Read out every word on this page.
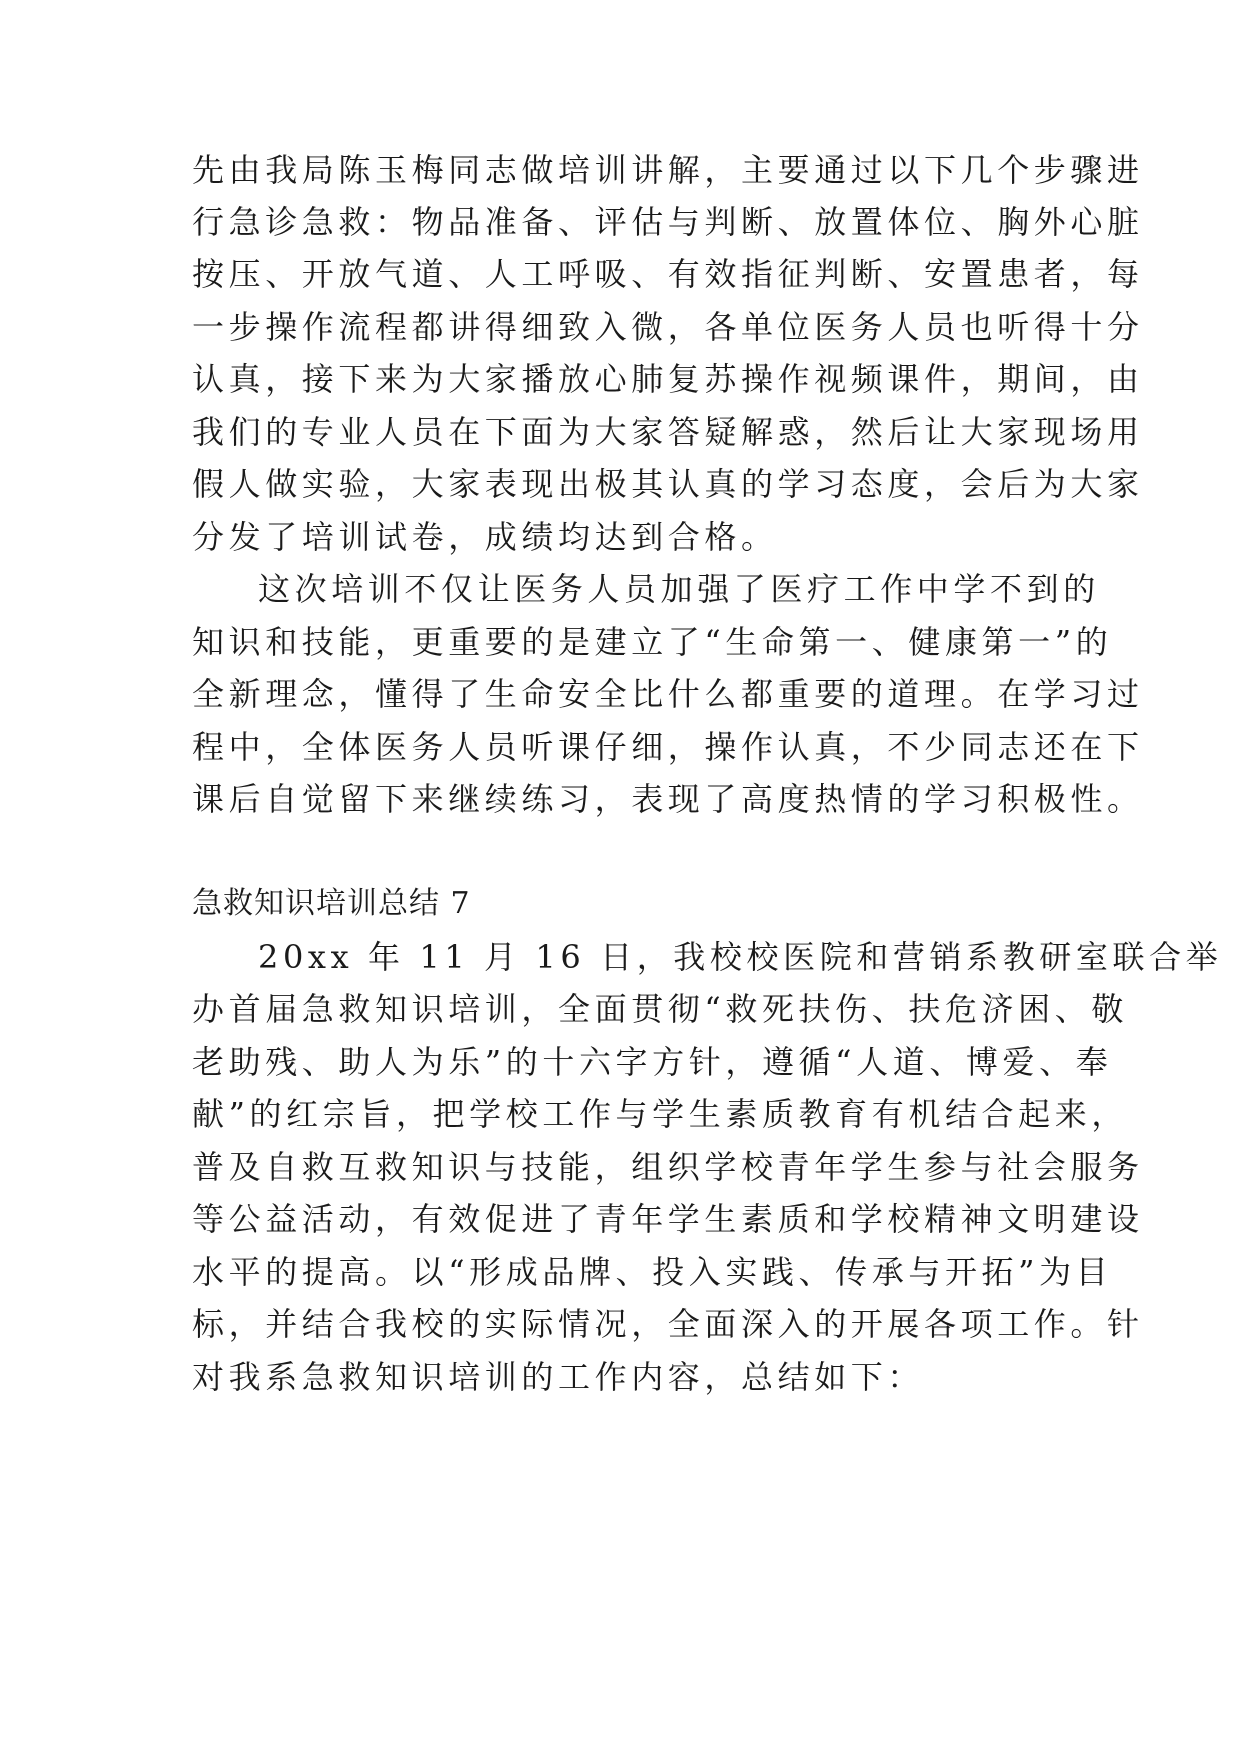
先由我局陈玉梅同志做培训讲解，主要通过以下几个步骤进
行急诊急救：物品准备、评估与判断、放置体位、胸外心脏
按压、开放气道、人工呼吸、有效指征判断、安置患者，每
一步操作流程都讲得细致入微，各单位医务人员也听得十分
认真，接下来为大家播放心肺复苏操作视频课件，期间，由
我们的专业人员在下面为大家答疑解惑，然后让大家现场用
假人做实验，大家表现出极其认真的学习态度，会后为大家
分发了培训试卷，成绩均达到合格。
这次培训不仅让医务人员加强了医疗工作中学不到的
知识和技能，更重要的是建立了“生命第一、健康第一”的
全新理念，懂得了生命安全比什么都重要的道理。在学习过
程中，全体医务人员听课仔细，操作认真，不少同志还在下
课后自觉留下来继续练习，表现了高度热情的学习积极性。
急救知识培训总结 7
20xx 年 11 月 16 日，我校校医院和营销系教研室联合举
办首届急救知识培训，全面贯彻“救死扶伤、扶危济困、敬
老助残、助人为乐”的十六字方针，遵循“人道、博爱、奉
献”的红宗旨，把学校工作与学生素质教育有机结合起来，
普及自救互救知识与技能，组织学校青年学生参与社会服务
等公益活动，有效促进了青年学生素质和学校精神文明建设
水平的提高。以“形成品牌、投入实践、传承与开拓”为目
标，并结合我校的实际情况，全面深入的开展各项工作。针
对我系急救知识培训的工作内容，总结如下：
